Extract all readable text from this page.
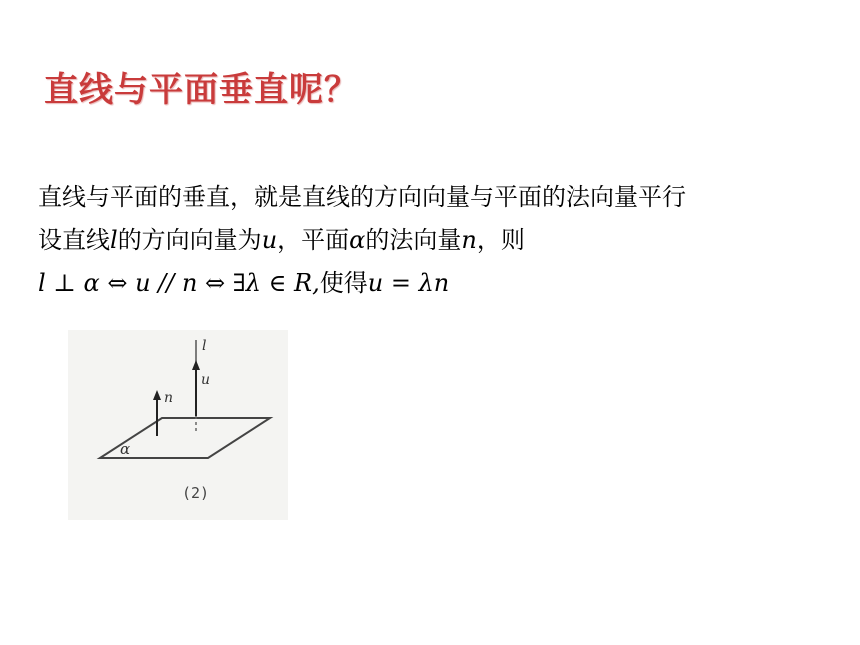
直线与平面垂直呢？
直线与平面的垂直，就是直线的方向向量与平面的法向量平行
设直线l的方向向量为u，平面α的法向量n，则
l ⊥ α ⇔ u // n ⇔ ∃λ ∈ R,使得u = λn
l
u
n
α
(2)
